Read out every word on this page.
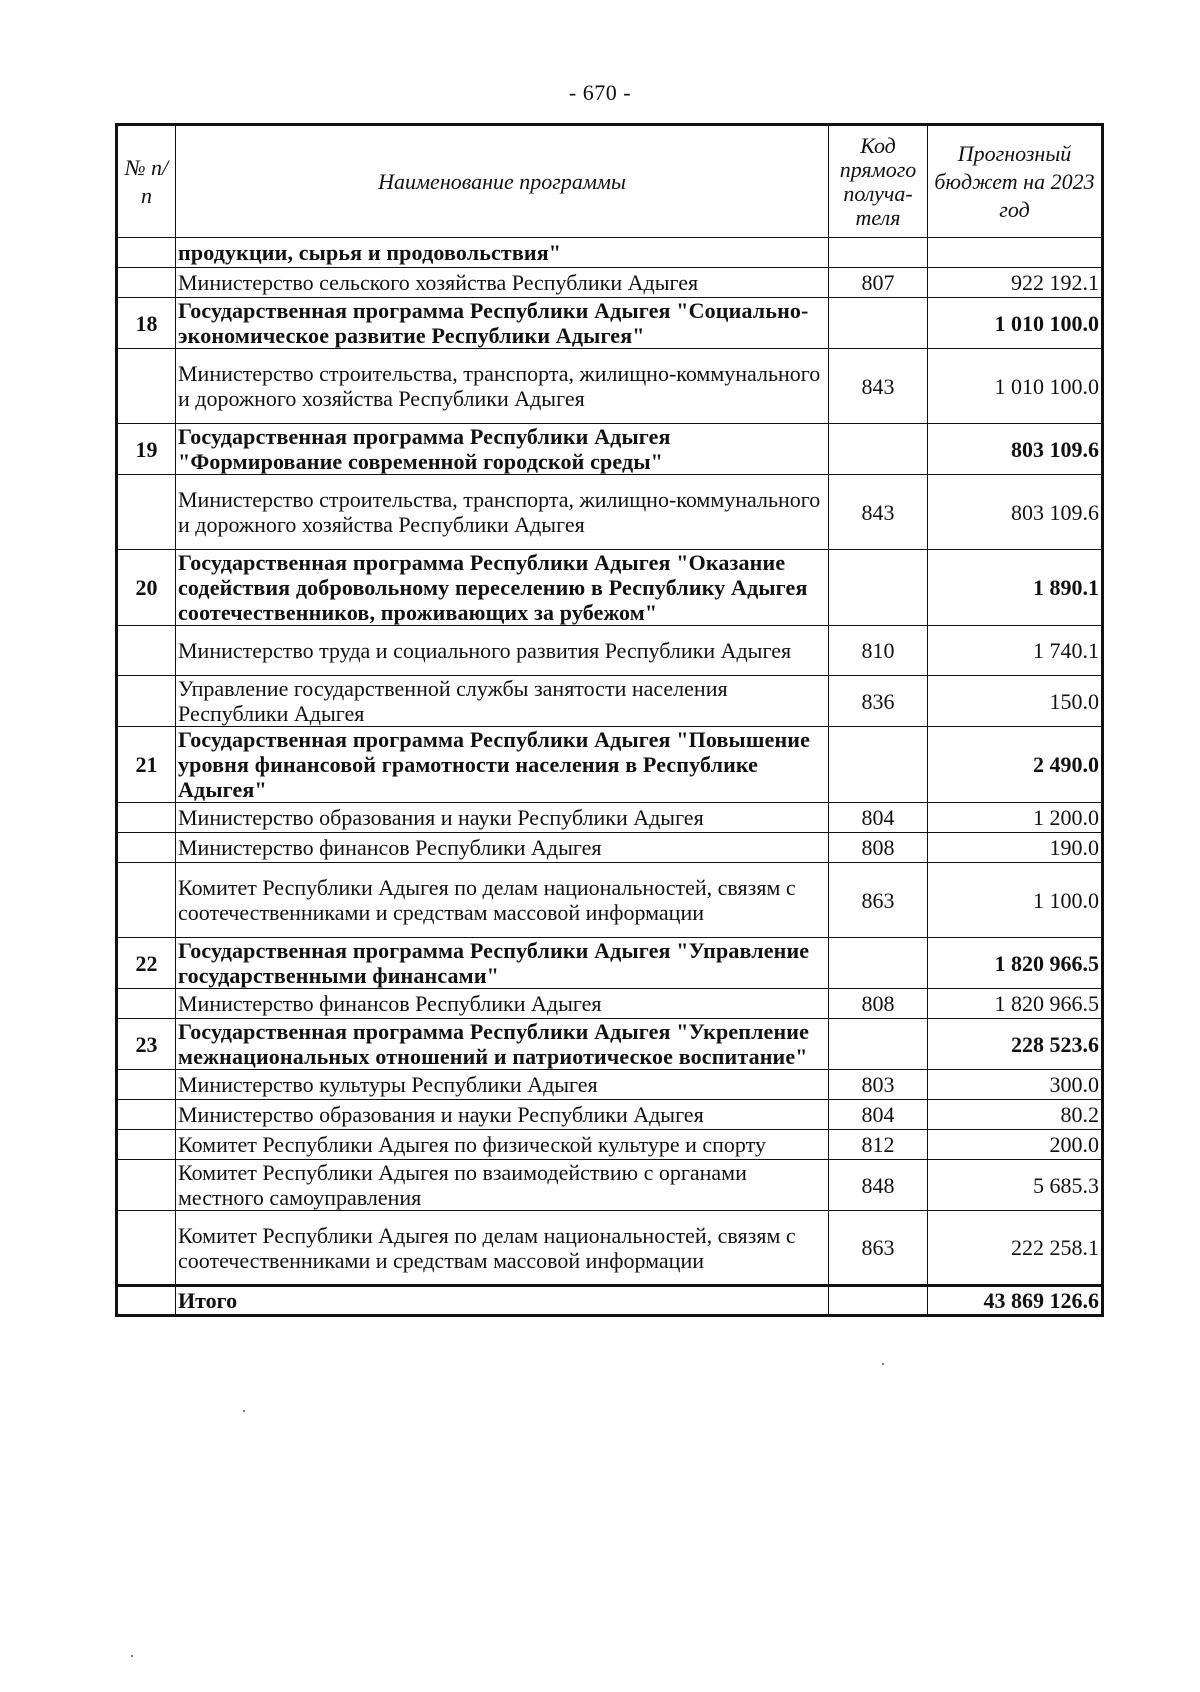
- 670 -
№ п/п	Наименование программы	Код прямого получа-теля	Прогнозный бюджет на 2023 год
	продукции, сырья и продовольствия"		
	Министерство сельского хозяйства Республики Адыгея	807	922 192.1
18	Государственная программа Республики Адыгея "Социально-экономическое развитие Республики Адыгея"		1 010 100.0
	Министерство строительства, транспорта, жилищно-коммунального и дорожного хозяйства Республики Адыгея	843	1 010 100.0
19	Государственная программа Республики Адыгея "Формирование современной городской среды"		803 109.6
	Министерство строительства, транспорта, жилищно-коммунального и дорожного хозяйства Республики Адыгея	843	803 109.6
20	Государственная программа Республики Адыгея "Оказание содействия добровольному переселению в Республику Адыгея соотечественников, проживающих за рубежом"		1 890.1
	Министерство труда и социального развития Республики Адыгея	810	1 740.1
	Управление государственной службы занятости населения Республики Адыгея	836	150.0
21	Государственная программа Республики Адыгея "Повышение уровня финансовой грамотности населения в Республике Адыгея"		2 490.0
	Министерство образования и науки Республики Адыгея	804	1 200.0
	Министерство финансов Республики Адыгея	808	190.0
	Комитет Республики Адыгея по делам национальностей, связям с соотечественниками и средствам массовой информации	863	1 100.0
22	Государственная программа Республики Адыгея "Управление государственными финансами"		1 820 966.5
	Министерство финансов Республики Адыгея	808	1 820 966.5
23	Государственная программа Республики Адыгея "Укрепление межнациональных отношений и патриотическое воспитание"		228 523.6
	Министерство культуры Республики Адыгея	803	300.0
	Министерство образования и науки Республики Адыгея	804	80.2
	Комитет Республики Адыгея по физической культуре и спорту	812	200.0
	Комитет Республики Адыгея по взаимодействию с органами местного самоуправления	848	5 685.3
	Комитет Республики Адыгея по делам национальностей, связям с соотечественниками и средствам массовой информации	863	222 258.1
	Итого		43 869 126.6
